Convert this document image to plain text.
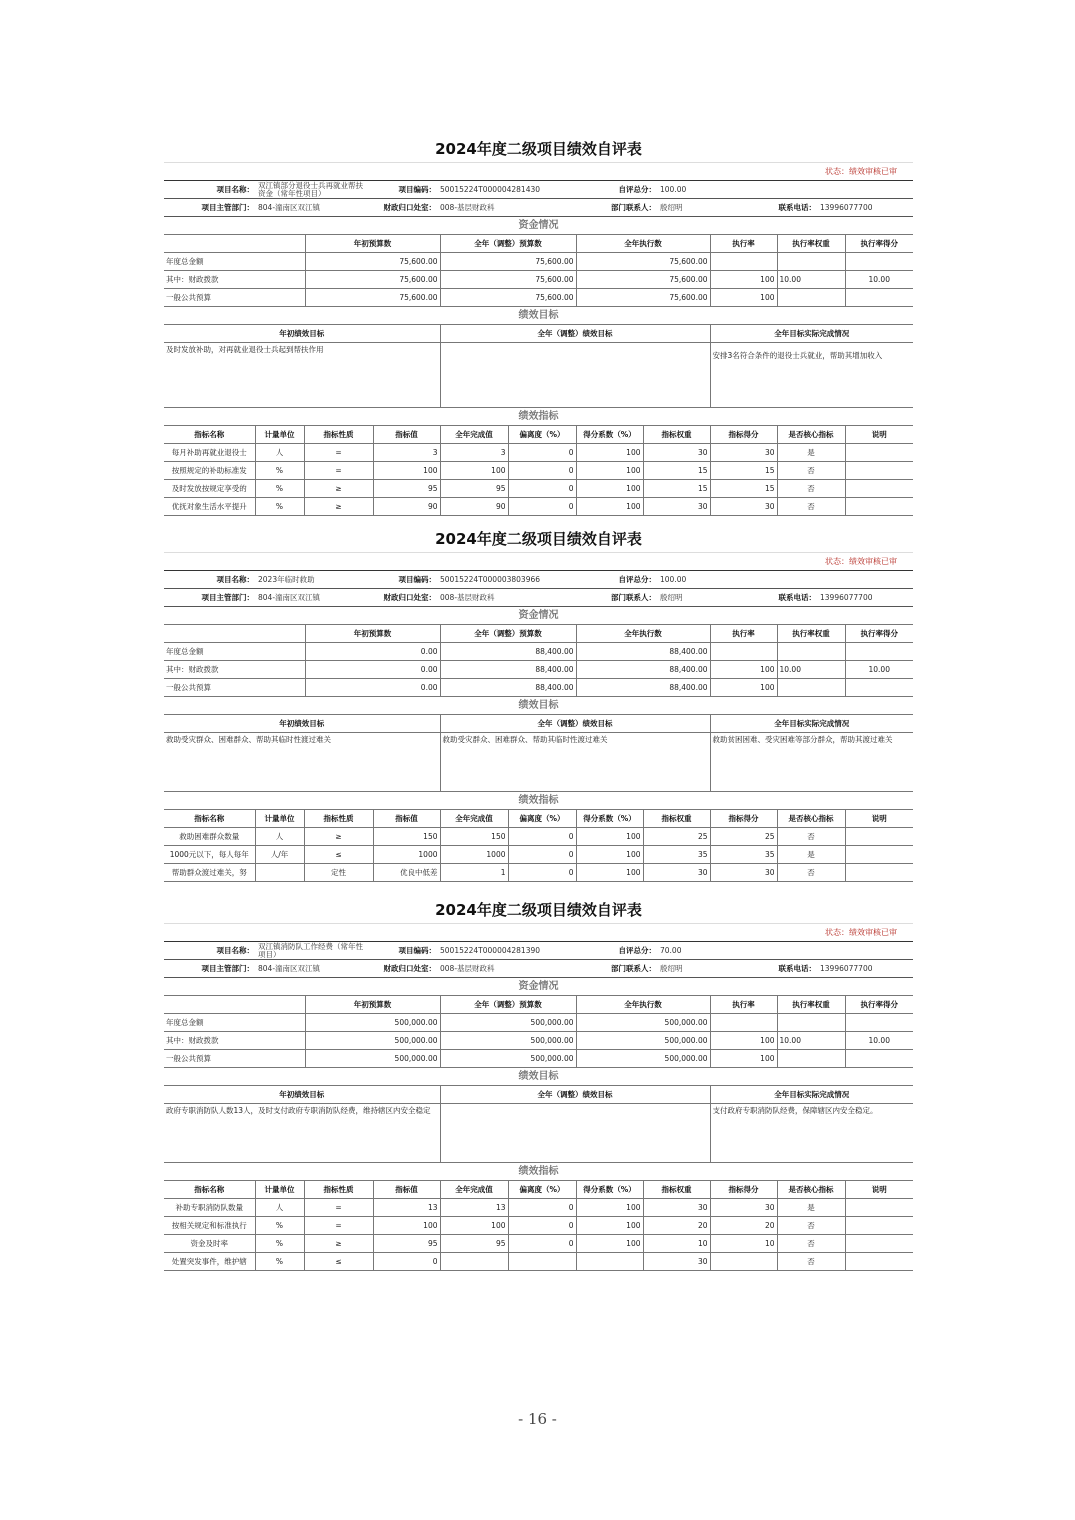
2024年度二级项目绩效自评表
状态：绩效审核已审
项目名称：	双江镇部分退役士兵再就业帮扶资金（常年性项目）	项目编码：	50015224T000004281430	自评总分：	100.00		
项目主管部门：	804-潼南区双江镇	财政归口处室：	008-基层财政科	部门联系人：	殷绍明	联系电话：	13996077700
资金情况
	年初预算数	全年（调整）预算数	全年执行数	执行率	执行率权重	执行率得分
年度总金额	75,600.00	75,600.00	75,600.00			
其中：财政拨款	75,600.00	75,600.00	75,600.00	100	10.00	10.00
一般公共预算	75,600.00	75,600.00	75,600.00	100		
绩效目标
年初绩效目标	全年（调整）绩效目标	全年目标实际完成情况
及时发放补助，对再就业退役士兵起到帮扶作用		安排3名符合条件的退役士兵就业，帮助其增加收入
绩效指标
指标名称	计量单位	指标性质	指标值	全年完成值	偏离度（%）	得分系数（%）	指标权重	指标得分	是否核心指标	说明
每月补助再就业退役士	人	=	3	3	0	100	30	30	是	
按照规定的补助标准发	%	=	100	100	0	100	15	15	否	
及时发放按规定享受的	%	≥	95	95	0	100	15	15	否	
优抚对象生活水平提升	%	≥	90	90	0	100	30	30	否	
2024年度二级项目绩效自评表
状态：绩效审核已审
项目名称：	2023年临时救助	项目编码：	50015224T000003803966	自评总分：	100.00		
项目主管部门：	804-潼南区双江镇	财政归口处室：	008-基层财政科	部门联系人：	殷绍明	联系电话：	13996077700
资金情况
	年初预算数	全年（调整）预算数	全年执行数	执行率	执行率权重	执行率得分
年度总金额	0.00	88,400.00	88,400.00			
其中：财政拨款	0.00	88,400.00	88,400.00	100	10.00	10.00
一般公共预算	0.00	88,400.00	88,400.00	100		
绩效目标
年初绩效目标	全年（调整）绩效目标	全年目标实际完成情况
救助受灾群众、困难群众、帮助其临时性渡过难关	救助受灾群众、困难群众、帮助其临时性渡过难关	救助贫困困难、受灾困难等部分群众，帮助其渡过难关
绩效指标
指标名称	计量单位	指标性质	指标值	全年完成值	偏离度（%）	得分系数（%）	指标权重	指标得分	是否核心指标	说明
救助困难群众数量	人	≥	150	150	0	100	25	25	否	
1000元以下，每人每年	人/年	≤	1000	1000	0	100	35	35	是	
帮助群众渡过难关，努		定性	优良中低差	1	0	100	30	30	否	
2024年度二级项目绩效自评表
状态：绩效审核已审
项目名称：	双江镇消防队工作经费（常年性项目）	项目编码：	50015224T000004281390	自评总分：	70.00		
项目主管部门：	804-潼南区双江镇	财政归口处室：	008-基层财政科	部门联系人：	殷绍明	联系电话：	13996077700
资金情况
	年初预算数	全年（调整）预算数	全年执行数	执行率	执行率权重	执行率得分
年度总金额	500,000.00	500,000.00	500,000.00			
其中：财政拨款	500,000.00	500,000.00	500,000.00	100	10.00	10.00
一般公共预算	500,000.00	500,000.00	500,000.00	100		
绩效目标
年初绩效目标	全年（调整）绩效目标	全年目标实际完成情况
政府专职消防队人数13人，及时支付政府专职消防队经费，维持辖区内安全稳定		支付政府专职消防队经费，保障辖区内安全稳定。
绩效指标
指标名称	计量单位	指标性质	指标值	全年完成值	偏离度（%）	得分系数（%）	指标权重	指标得分	是否核心指标	说明
补助专职消防队数量	人	=	13	13	0	100	30	30	是	
按相关规定和标准执行	%	=	100	100	0	100	20	20	否	
资金及时率	%	≥	95	95	0	100	10	10	否	
处置突发事件，维护辖	%	≤	0				30		否	
- 16 -
